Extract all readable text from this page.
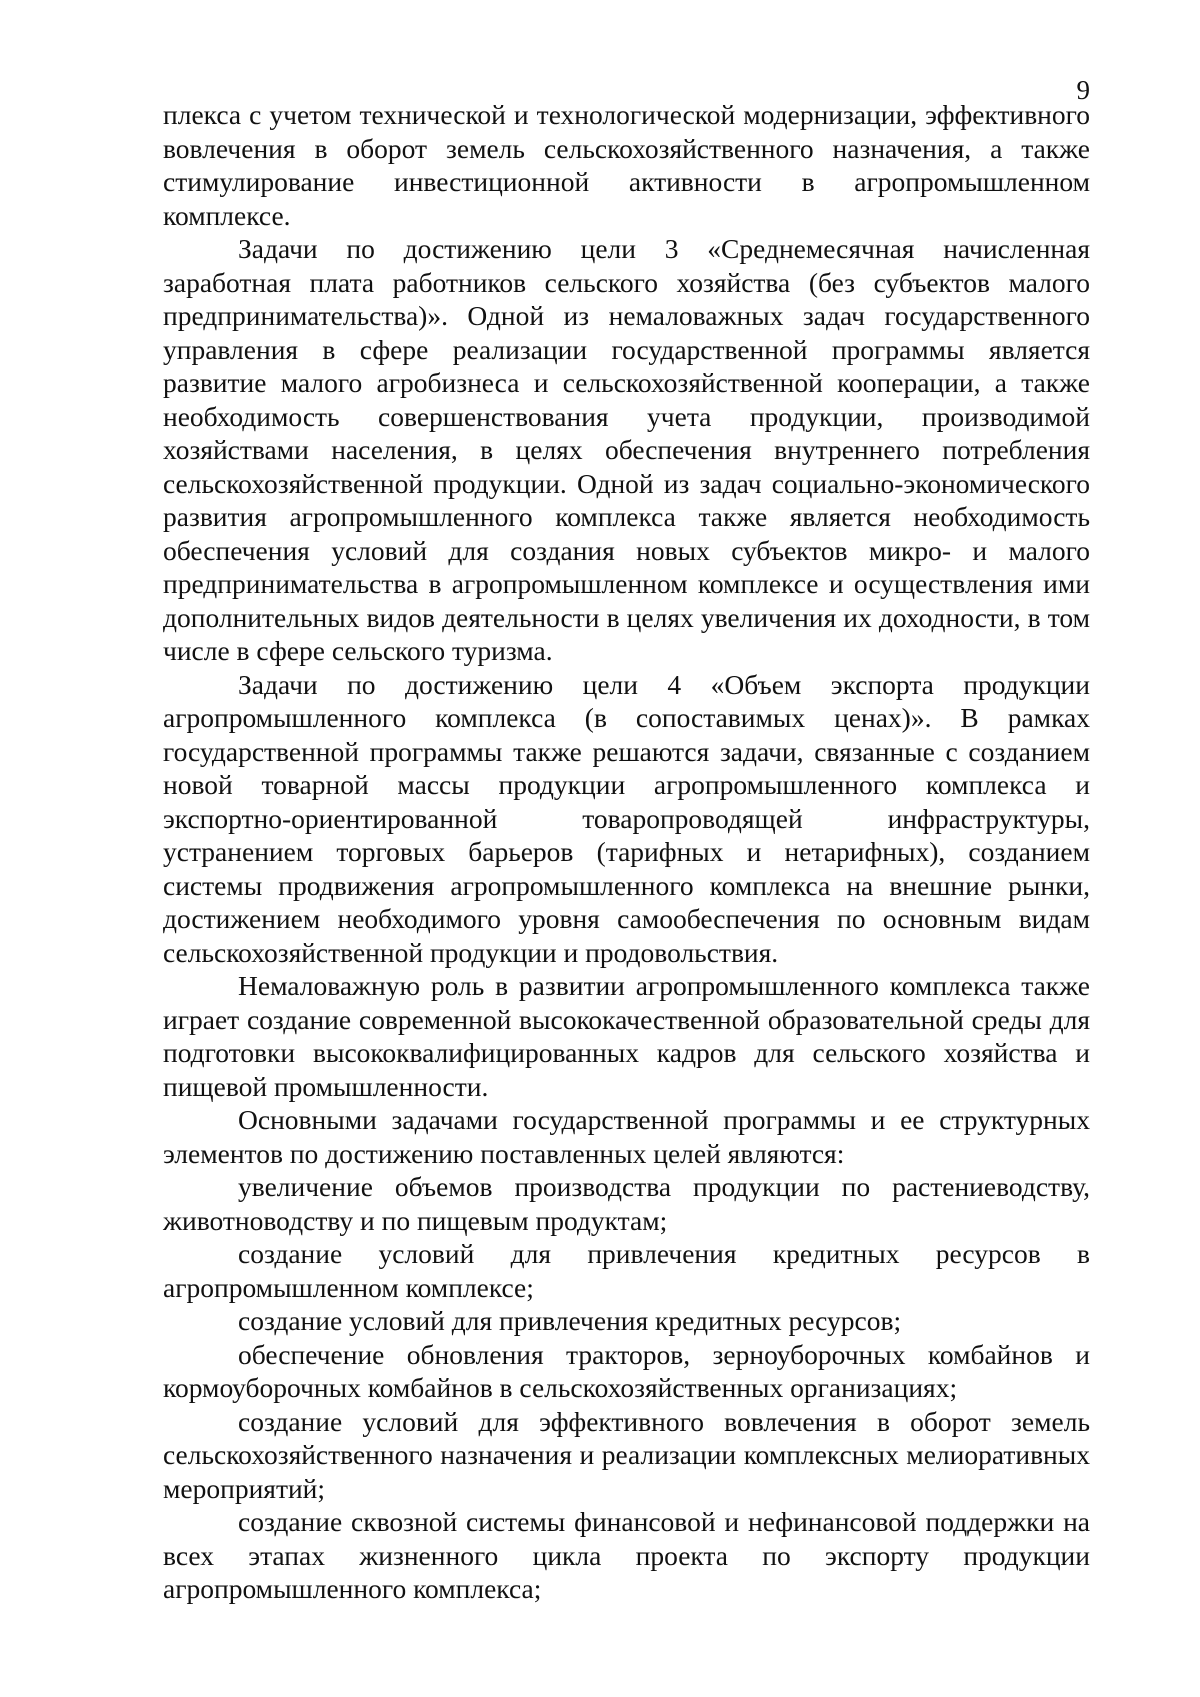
9

плекса с учетом технической и технологической модернизации, эффективного вовлечения в оборот земель сельскохозяйственного назначения, а также стимулирование инвестиционной активности в агропромышленном комплексе.

Задачи по достижению цели 3 «Среднемесячная начисленная заработная плата работников сельского хозяйства (без субъектов малого предпринимательства)». Одной из немаловажных задач государственного управления в сфере реализации государственной программы является развитие малого агробизнеса и сельскохозяйственной кооперации, а также необходимость совершенствования учета продукции, производимой хозяйствами населения, в целях обеспечения внутреннего потребления сельскохозяйственной продукции. Одной из задач социально-экономического развития агропромышленного комплекса также является необходимость обеспечения условий для создания новых субъектов микро- и малого предпринимательства в агропромышленном комплексе и осуществления ими дополнительных видов деятельности в целях увеличения их доходности, в том числе в сфере сельского туризма.

Задачи по достижению цели 4 «Объем экспорта продукции агропромышленного комплекса (в сопоставимых ценах)». В рамках государственной программы также решаются задачи, связанные с созданием новой товарной массы продукции агропромышленного комплекса и экспортно-ориентированной товаропроводящей инфраструктуры, устранением торговых барьеров (тарифных и нетарифных), созданием системы продвижения агропромышленного комплекса на внешние рынки, достижением необходимого уровня самообеспечения по основным видам сельскохозяйственной продукции и продовольствия.

Немаловажную роль в развитии агропромышленного комплекса также играет создание современной высококачественной образовательной среды для подготовки высококвалифицированных кадров для сельского хозяйства и пищевой промышленности.

Основными задачами государственной программы и ее структурных элементов по достижению поставленных целей являются:

увеличение объемов производства продукции по растениеводству, животноводству и по пищевым продуктам;

создание условий для привлечения кредитных ресурсов в агропромышленном комплексе;

создание условий для привлечения кредитных ресурсов;

обеспечение обновления тракторов, зерноуборочных комбайнов и кормоуборочных комбайнов в сельскохозяйственных организациях;

создание условий для эффективного вовлечения в оборот земель сельскохозяйственного назначения и реализации комплексных мелиоративных мероприятий;

создание сквозной системы финансовой и нефинансовой поддержки на всех этапах жизненного цикла проекта по экспорту продукции агропромышленного комплекса;
